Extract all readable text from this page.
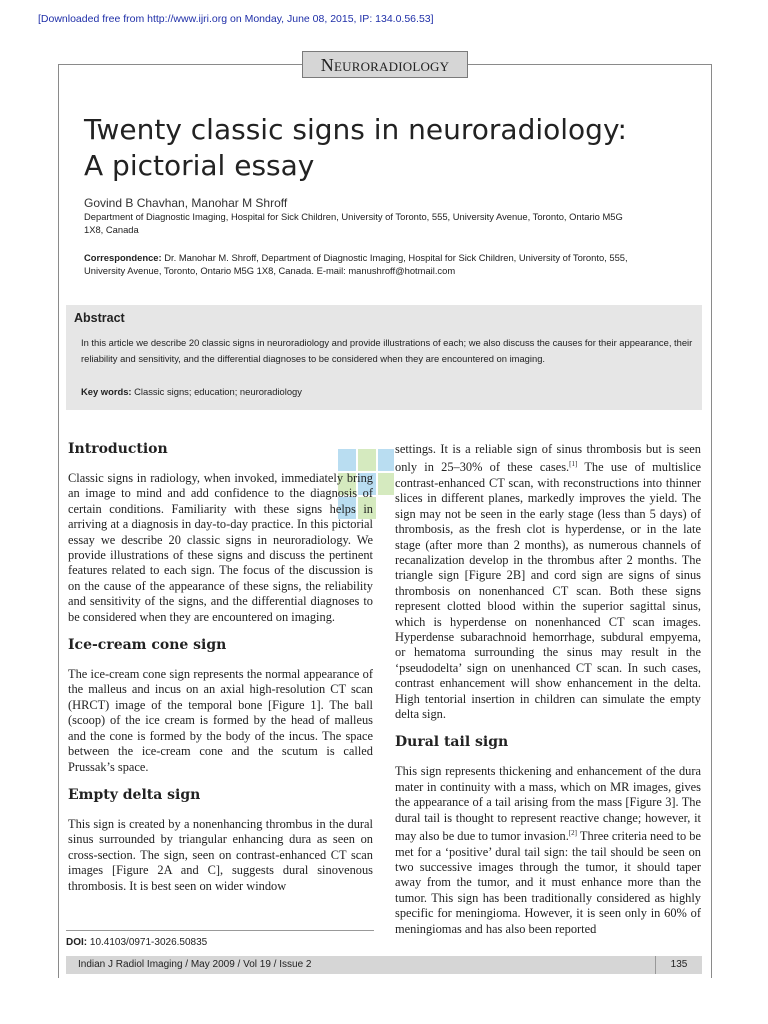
[Downloaded free from http://www.ijri.org on Monday, June 08, 2015, IP: 134.0.56.53]
Neuroradiology
Twenty classic signs in neuroradiology:
A pictorial essay
Govind B Chavhan, Manohar M Shroff
Department of Diagnostic Imaging, Hospital for Sick Children, University of Toronto, 555, University Avenue, Toronto, Ontario M5G 1X8, Canada
Correspondence: Dr. Manohar M. Shroff, Department of Diagnostic Imaging, Hospital for Sick Children, University of Toronto, 555, University Avenue, Toronto, Ontario M5G 1X8, Canada. E-mail: manushroff@hotmail.com
Abstract
In this article we describe 20 classic signs in neuroradiology and provide illustrations of each; we also discuss the causes for their appearance, their reliability and sensitivity, and the differential diagnoses to be considered when they are encountered on imaging.
Key words: Classic signs; education; neuroradiology
Introduction

Classic signs in radiology, when invoked, immediately bring an image to mind and add confidence to the diagnosis of certain conditions. Familiarity with these signs helps in arriving at a diagnosis in day-to-day practice. In this pictorial essay we describe 20 classic signs in neuroradiology. We provide illustrations of these signs and discuss the pertinent features related to each sign. The focus of the discussion is on the cause of the appearance of these signs, the reliability and sensitivity of the signs, and the differential diagnoses to be considered when they are encountered on imaging.

Ice-cream cone sign

The ice-cream cone sign represents the normal appearance of the malleus and incus on an axial high-resolution CT scan (HRCT) image of the temporal bone [Figure 1]. The ball (scoop) of the ice cream is formed by the head of malleus and the cone is formed by the body of the incus. The space between the ice-cream cone and the scutum is called Prussak’s space.

Empty delta sign

This sign is created by a nonenhancing thrombus in the dural sinus surrounded by triangular enhancing dura as seen on cross-section. The sign, seen on contrast-enhanced CT scan images [Figure 2A and C], suggests dural sinovenous thrombosis. It is best seen on wider window

settings. It is a reliable sign of sinus thrombosis but is seen only in 25–30% of these cases.[1] The use of multislice contrast-enhanced CT scan, with reconstructions into thinner slices in different planes, markedly improves the yield. The sign may not be seen in the early stage (less than 5 days) of thrombosis, as the fresh clot is hyperdense, or in the late stage (after more than 2 months), as numerous channels of recanalization develop in the thrombus after 2 months. The triangle sign [Figure 2B] and cord sign are signs of sinus thrombosis on nonenhanced CT scan. Both these signs represent clotted blood within the superior sagittal sinus, which is hyperdense on nonenhanced CT scan images. Hyperdense subarachnoid hemorrhage, subdural empyema, or hematoma surrounding the sinus may result in the ‘pseudodelta’ sign on unenhanced CT scan. In such cases, contrast enhancement will show enhancement in the delta. High tentorial insertion in children can simulate the empty delta sign.

Dural tail sign

This sign represents thickening and enhancement of the dura mater in continuity with a mass, which on MR images, gives the appearance of a tail arising from the mass [Figure 3]. The dural tail is thought to represent reactive change; however, it may also be due to tumor invasion.[2] Three criteria need to be met for a ‘positive’ dural tail sign: the tail should be seen on two successive images through the tumor, it should taper away from the tumor, and it must enhance more than the tumor. This sign has been traditionally considered as highly specific for meningioma. However, it is seen only in 60% of meningiomas and has also been reported

DOI: 10.4103/0971-3026.50835
Indian J Radiol Imaging / May 2009 / Vol 19 / Issue 2	135
